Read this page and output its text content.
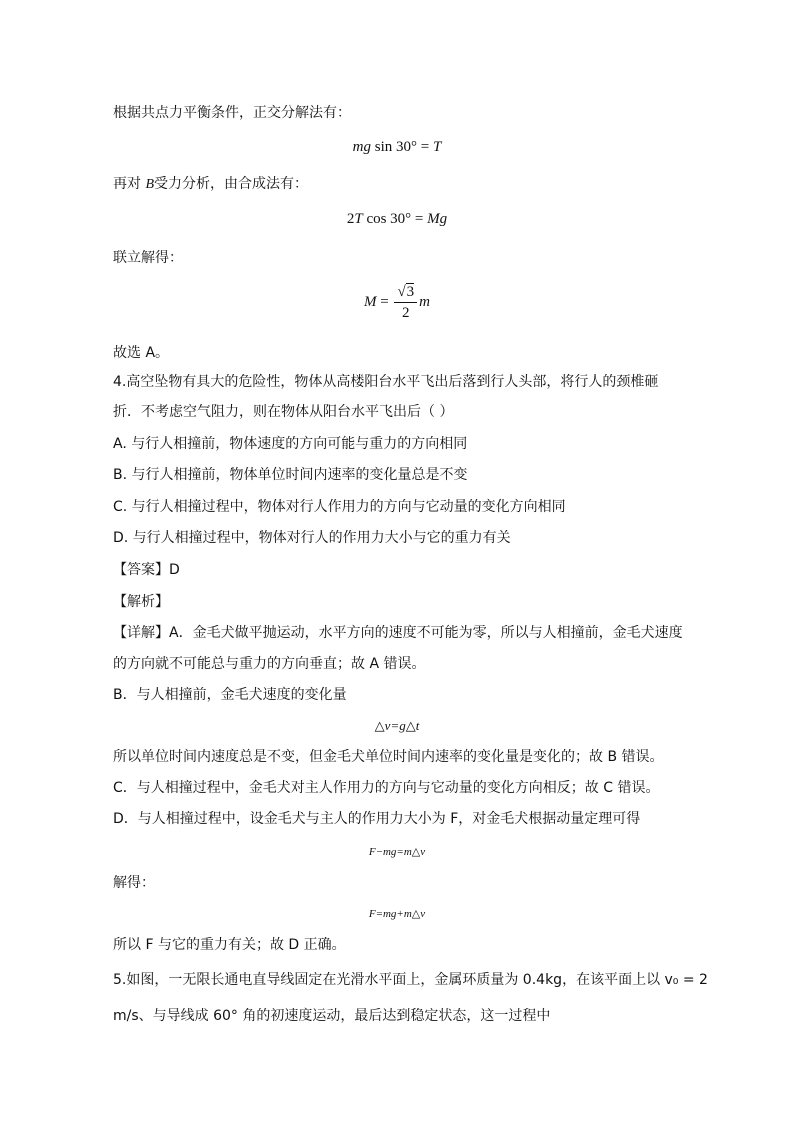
根据共点力平衡条件，正交分解法有：
mg sin 30° = T
再对 B受力分析，由合成法有：
2T cos 30° = Mg
联立解得：
$M = \frac{√3}{2}$ m
故选 A。
4.高空坠物有具大的危险性，物体从高楼阳台水平飞出后落到行人头部，将行人的颈椎砸
折．不考虑空气阻力，则在物体从阳台水平飞出后（ ）
A. 与行人相撞前，物体速度的方向可能与重力的方向相同
B. 与行人相撞前，物体单位时间内速率的变化量总是不变
C. 与行人相撞过程中，物体对行人作用力的方向与它动量的变化方向相同
D. 与行人相撞过程中，物体对行人的作用力大小与它的重力有关
【答案】D
【解析】
【详解】A．金毛犬做平抛运动，水平方向的速度不可能为零，所以与人相撞前，金毛犬速度
的方向就不可能总与重力的方向垂直；故 A 错误。
B．与人相撞前，金毛犬速度的变化量
△v=g△t
所以单位时间内速度总是不变，但金毛犬单位时间内速率的变化量是变化的；故 B 错误。
C．与人相撞过程中，金毛犬对主人作用力的方向与它动量的变化方向相反；故 C 错误。
D．与人相撞过程中，设金毛犬与主人的作用力大小为 F，对金毛犬根据动量定理可得
F−mg=m△v
解得：
F=mg+m△v
所以 F 与它的重力有关；故 D 正确。
5.如图，一无限长通电直导线固定在光滑水平面上，金属环质量为 0.4kg，在该平面上以 v₀ = 2
m/s、与导线成 60° 角的初速度运动，最后达到稳定状态，这一过程中
